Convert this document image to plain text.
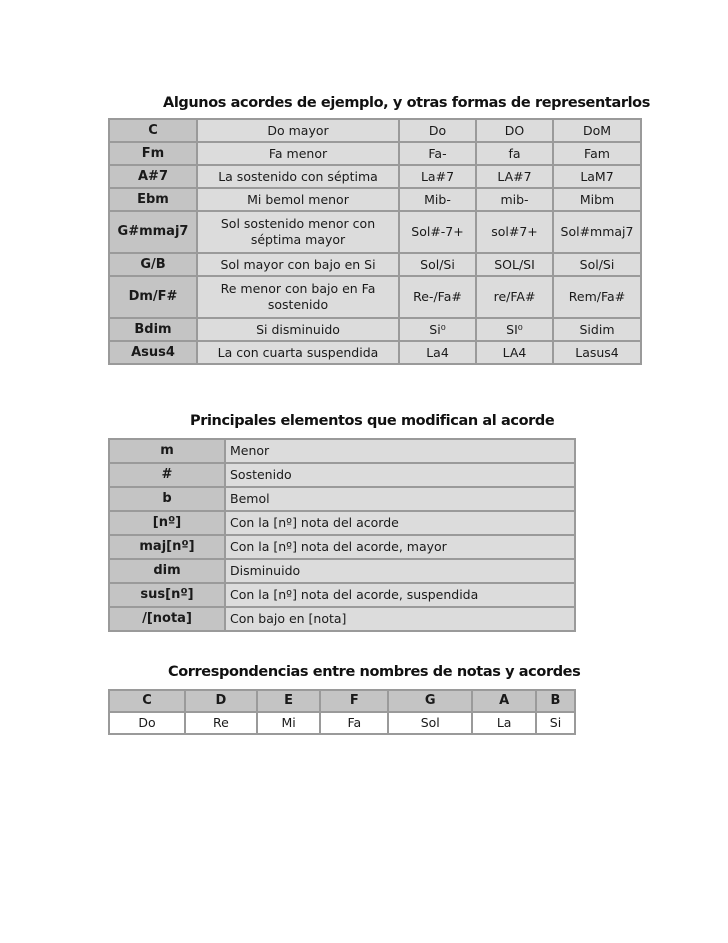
Algunos acordes de ejemplo, y otras formas de representarlos
C	Do mayor	Do	DO	DoM
Fm	Fa menor	Fa-	fa	Fam
A#7	La sostenido con séptima	La#7	LA#7	LaM7
Ebm	Mi bemol menor	Mib-	mib-	Mibm
G#mmaj7	Sol sostenido menor con séptima mayor	Sol#-7+	sol#7+	Sol#mmaj7
G/B	Sol mayor con bajo en Si	Sol/Si	SOL/SI	Sol/Si
Dm/F#	Re menor con bajo en Fa sostenido	Re-/Fa#	re/FA#	Rem/Fa#
Bdim	Si disminuido	Si⁰	SI⁰	Sidim
Asus4	La con cuarta suspendida	La4	LA4	Lasus4
Principales elementos que modifican al acorde
m	Menor
#	Sostenido
b	Bemol
[nº]	Con la [nº] nota del acorde
maj[nº]	Con la [nº] nota del acorde, mayor
dim	Disminuido
sus[nº]	Con la [nº] nota del acorde, suspendida
/[nota]	Con bajo en [nota]
Correspondencias entre nombres de notas y acordes
C	D	E	F	G	A	B
Do	Re	Mi	Fa	Sol	La	Si
